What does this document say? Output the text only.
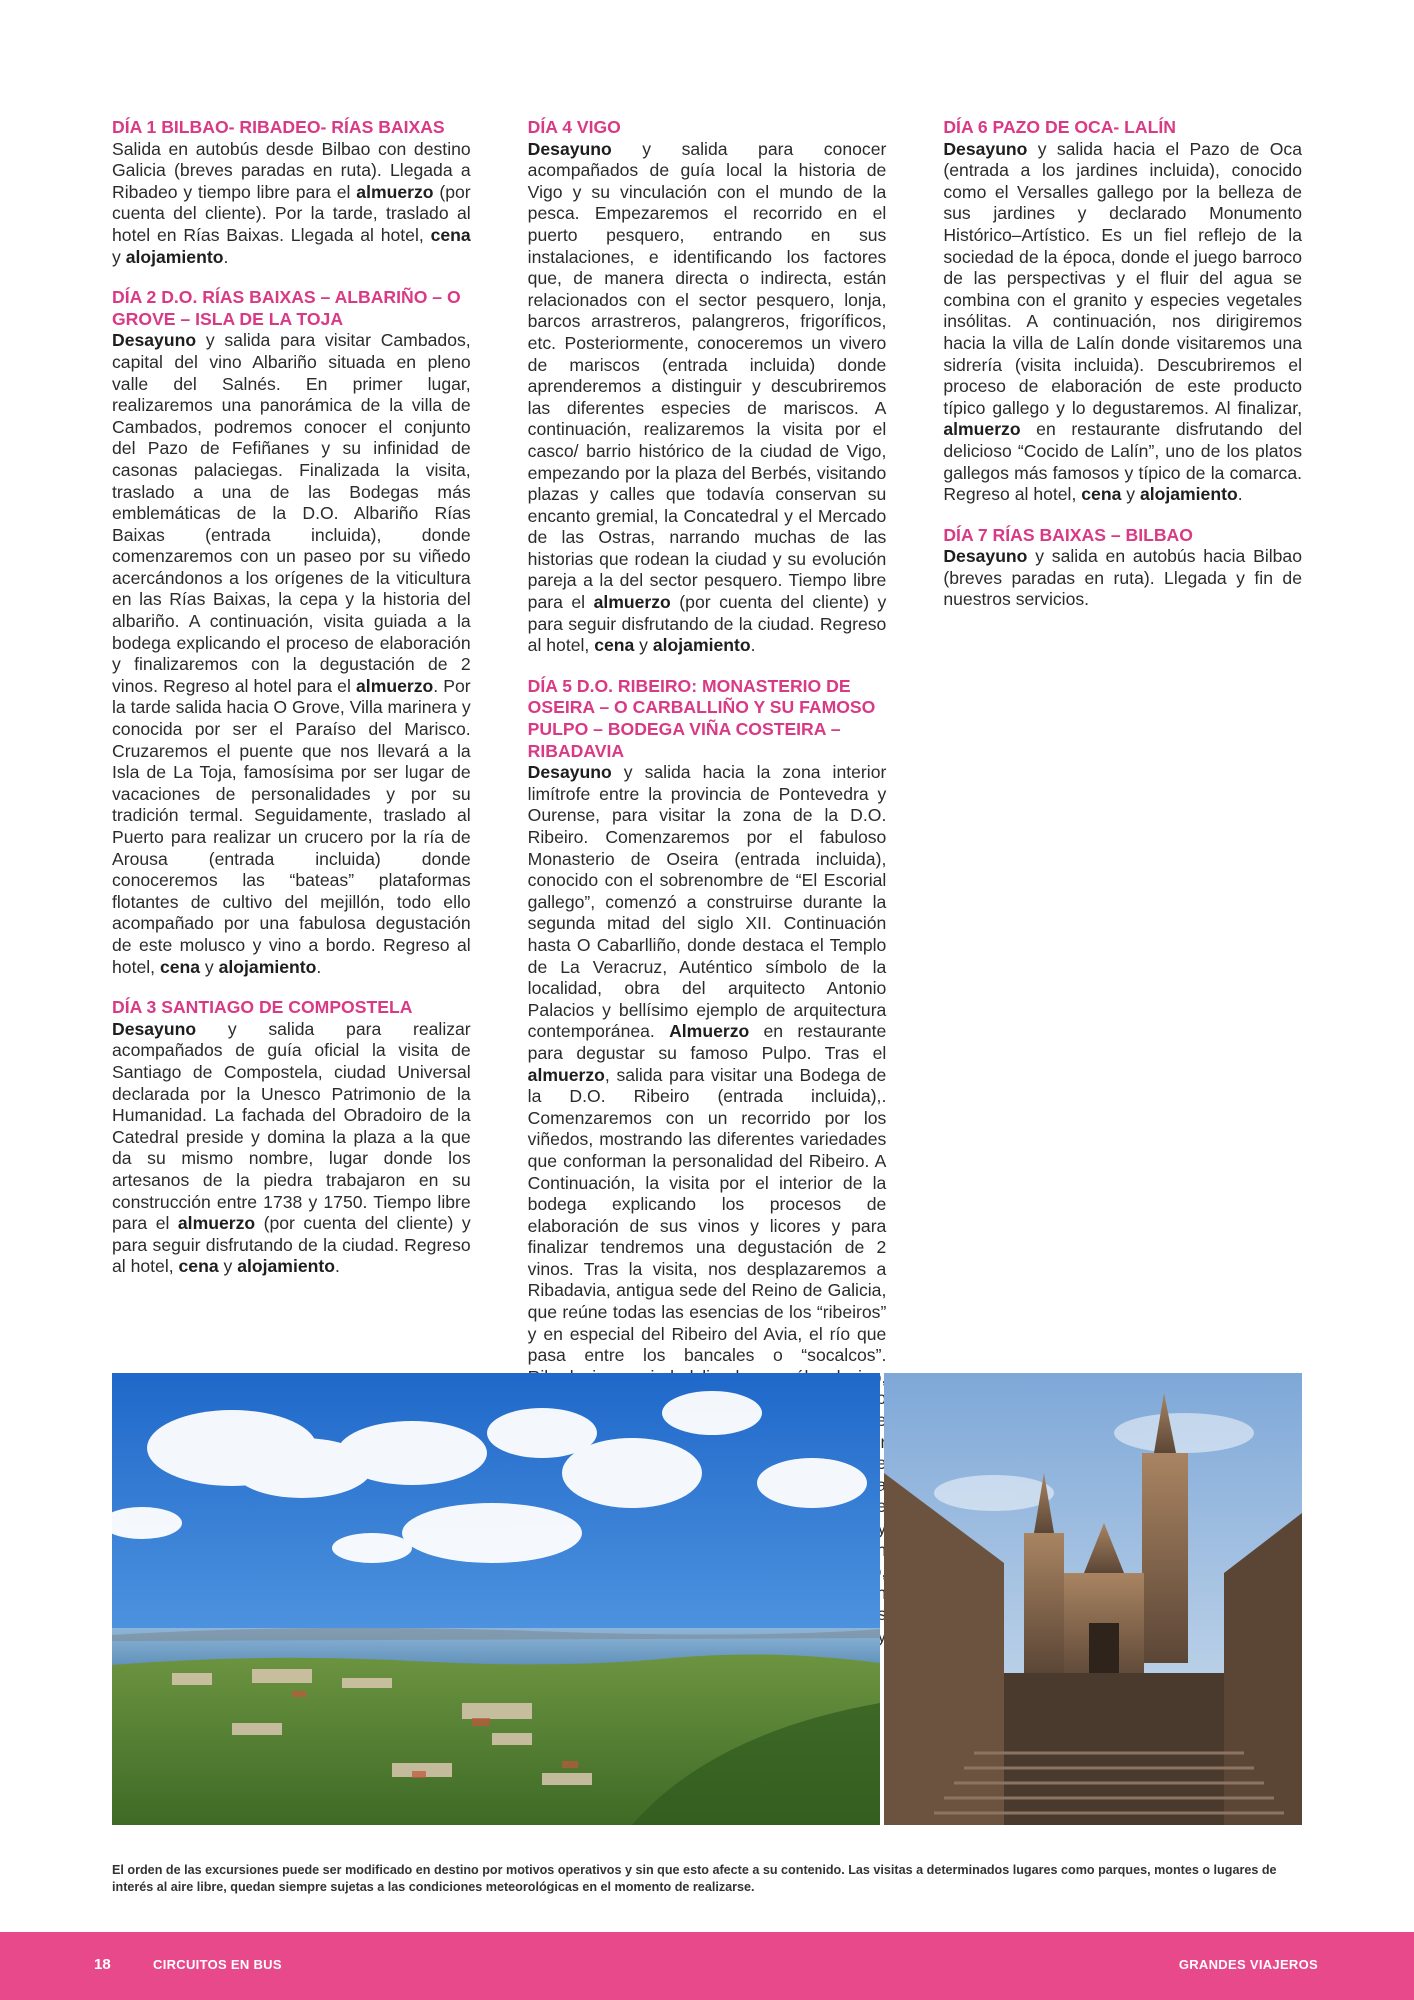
DÍA 1 BILBAO- RIBADEO- RÍAS BAIXAS

Salida en autobús desde Bilbao con destino Galicia (breves paradas en ruta). Llegada a Ribadeo y tiempo libre para el almuerzo (por cuenta del cliente). Por la tarde, traslado al hotel en Rías Baixas. Llegada al hotel, cena y alojamiento.

DÍA 2 D.O. RÍAS BAIXAS – ALBARIÑO – O GROVE – ISLA DE LA TOJA

Desayuno y salida para visitar Cambados, capital del vino Albariño situada en pleno valle del Salnés. En primer lugar, realizaremos una panorámica de la villa de Cambados, podremos conocer el conjunto del Pazo de Fefiñanes y su infinidad de casonas palaciegas. Finalizada la visita, traslado a una de las Bodegas más emblemáticas de la D.O. Albariño Rías Baixas (entrada incluida), donde comenzaremos con un paseo por su viñedo acercándonos a los orígenes de la viticultura en las Rías Baixas, la cepa y la historia del albariño. A continuación, visita guiada a la bodega explicando el proceso de elaboración y finalizaremos con la degustación de 2 vinos. Regreso al hotel para el almuerzo. Por la tarde salida hacia O Grove, Villa marinera y conocida por ser el Paraíso del Marisco. Cruzaremos el puente que nos llevará a la Isla de La Toja, famosísima por ser lugar de vacaciones de personalidades y por su tradición termal. Seguidamente, traslado al Puerto para realizar un crucero por la ría de Arousa (entrada incluida) donde conoceremos las “bateas” plataformas flotantes de cultivo del mejillón, todo ello acompañado por una fabulosa degustación de este molusco y vino a bordo. Regreso al hotel, cena y alojamiento.

DÍA 3 SANTIAGO DE COMPOSTELA

Desayuno y salida para realizar acompañados de guía oficial la visita de Santiago de Compostela, ciudad Universal declarada por la Unesco Patrimonio de la Humanidad. La fachada del Obradoiro de la Catedral preside y domina la plaza a la que da su mismo nombre, lugar donde los artesanos de la piedra trabajaron en su construcción entre 1738 y 1750. Tiempo libre para el almuerzo (por cuenta del cliente) y para seguir disfrutando de la ciudad. Regreso al hotel, cena y alojamiento.

DÍA 4 VIGO

Desayuno y salida para conocer acompañados de guía local la historia de Vigo y su vinculación con el mundo de la pesca. Empezaremos el recorrido en el puerto pesquero, entrando en sus instalaciones, e identificando los factores que, de manera directa o indirecta, están relacionados con el sector pesquero, lonja, barcos arrastreros, palangreros, frigoríficos, etc. Posteriormente, conoceremos un vivero de mariscos (entrada incluida) donde aprenderemos a distinguir y descubriremos las diferentes especies de mariscos. A continuación, realizaremos la visita por el casco/ barrio histórico de la ciudad de Vigo, empezando por la plaza del Berbés, visitando plazas y calles que todavía conservan su encanto gremial, la Concatedral y el Mercado de las Ostras, narrando muchas de las historias que rodean la ciudad y su evolución pareja a la del sector pesquero. Tiempo libre para el almuerzo (por cuenta del cliente) y para seguir disfrutando de la ciudad. Regreso al hotel, cena y alojamiento.

DÍA 5 D.O. RIBEIRO: MONASTERIO DE OSEIRA – O CARBALLIÑO Y SU FAMOSO PULPO – BODEGA VIÑA COSTEIRA – RIBADAVIA

Desayuno y salida hacia la zona interior limítrofe entre la provincia de Pontevedra y Ourense, para visitar la zona de la D.O. Ribeiro. Comenzaremos por el fabuloso Monasterio de Oseira (entrada incluida), conocido con el sobrenombre de “El Escorial gallego”, comenzó a construirse durante la segunda mitad del siglo XII. Continuación hasta O Cabarlliño, donde destaca el Templo de La Veracruz, Auténtico símbolo de la localidad, obra del arquitecto Antonio Palacios y bellísimo ejemplo de arquitectura contemporánea. Almuerzo en restaurante para degustar su famoso Pulpo. Tras el almuerzo, salida para visitar una Bodega de la D.O. Ribeiro (entrada incluida),. Comenzaremos con un recorrido por los viñedos, mostrando las diferentes variedades que conforman la personalidad del Ribeiro. A Continuación, la visita por el interior de la bodega explicando los procesos de elaboración de sus vinos y licores y para finalizar tendremos una degustación de 2 vinos. Tras la visita, nos desplazaremos a Ribadavia, antigua sede del Reino de Galicia, que reúne todas las esencias de los “ribeiros” y en especial del Ribeiro del Avia, el río que pasa entre los bancales o “socalcos”. y y

DÍA 6 PAZO DE OCA- LALÍN

Desayuno y salida hacia el Pazo de Oca (entrada a los jardines incluida), conocido como el Versalles gallego por la belleza de sus jardines y declarado Monumento Histórico–Artístico. Es un fiel reflejo de la sociedad de la época, donde el juego barroco de las perspectivas y el fluir del agua se combina con el granito y especies vegetales insólitas. A continuación, nos dirigiremos hacia la villa de Lalín donde visitaremos una sidrería (visita incluida). Descubriremos el proceso de elaboración de este producto típico gallego y lo degustaremos. Al finalizar, almuerzo en restaurante disfrutando del delicioso “Cocido de Lalín”, uno de los platos gallegos más famosos y típico de la comarca. Regreso al hotel, cena y alojamiento.

DÍA 7 RÍAS BAIXAS – BILBAO

Desayuno y salida en autobús hacia Bilbao (breves paradas en ruta). Llegada y fin de nuestros servicios.

El orden de las excursiones puede ser modificado en destino por motivos operativos y sin que esto afecte a su contenido. Las visitas a determinados lugares como parques, montes o lugares de interés al aire libre, quedan siempre sujetas a las condiciones meteorológicas en el momento de realizarse.
18	CIRCUITOS EN BUS	GRANDES VIAJEROS
